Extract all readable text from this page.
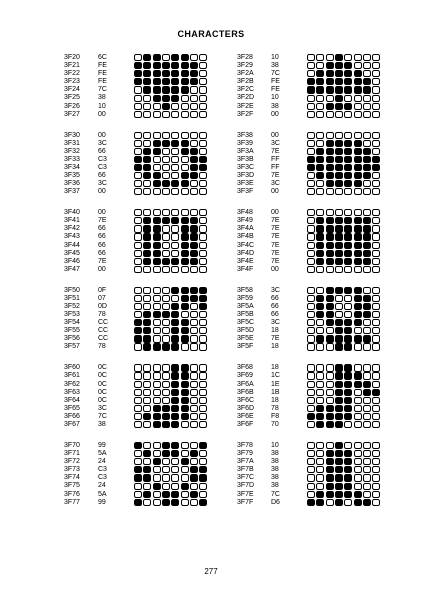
CHARACTERS
3F20	6C
3F21	FE
3F22	FE
3F23	FE
3F24	7C
3F25	38
3F26	10
3F27	00
3F30	00
3F31	3C
3F32	66
3F33	C3
3F34	C3
3F35	66
3F36	3C
3F37	00
3F40	00
3F41	7E
3F42	66
3F43	66
3F44	66
3F45	66
3F46	7E
3F47	00
3F50	0F
3F51	07
3F52	0D
3F53	78
3F54	CC
3F55	CC
3F56	CC
3F57	78
3F60	0C
3F61	0C
3F62	0C
3F63	0C
3F64	0C
3F65	3C
3F66	7C
3F67	38
3F70	99
3F71	5A
3F72	24
3F73	C3
3F74	C3
3F75	24
3F76	5A
3F77	99
3F28	10
3F29	38
3F2A 7C
3F2B FE
3F2C FE
3F2D 10
3F2E 38
3F2F	00
3F38	00
3F39	3C
3F3A 7E
3F3B FF
3F3C FF
3F3D 7E
3F3E 3C
3F3F	00
3F48	00
3F49	7E
3F4A 7E
3F4B 7E
3F4C 7E
3F4D 7E
3F4E 7E
3F4F	00
3F58	3C
3F59	66
3F5A 66
3F5B 66
3F5C 3C
3F5D 18
3F5E 7E
3F5F	18
3F68	18
3F69	1C
3F6A 1E
3F6B 1B
3F6C 18
3F6D 78
3F6E F8
3F6F	70
3F78	10
3F79	38
3F7A 38
3F7B 38
3F7C 38
3F7D 38
3F7E 7C
3F7F	D6
277
